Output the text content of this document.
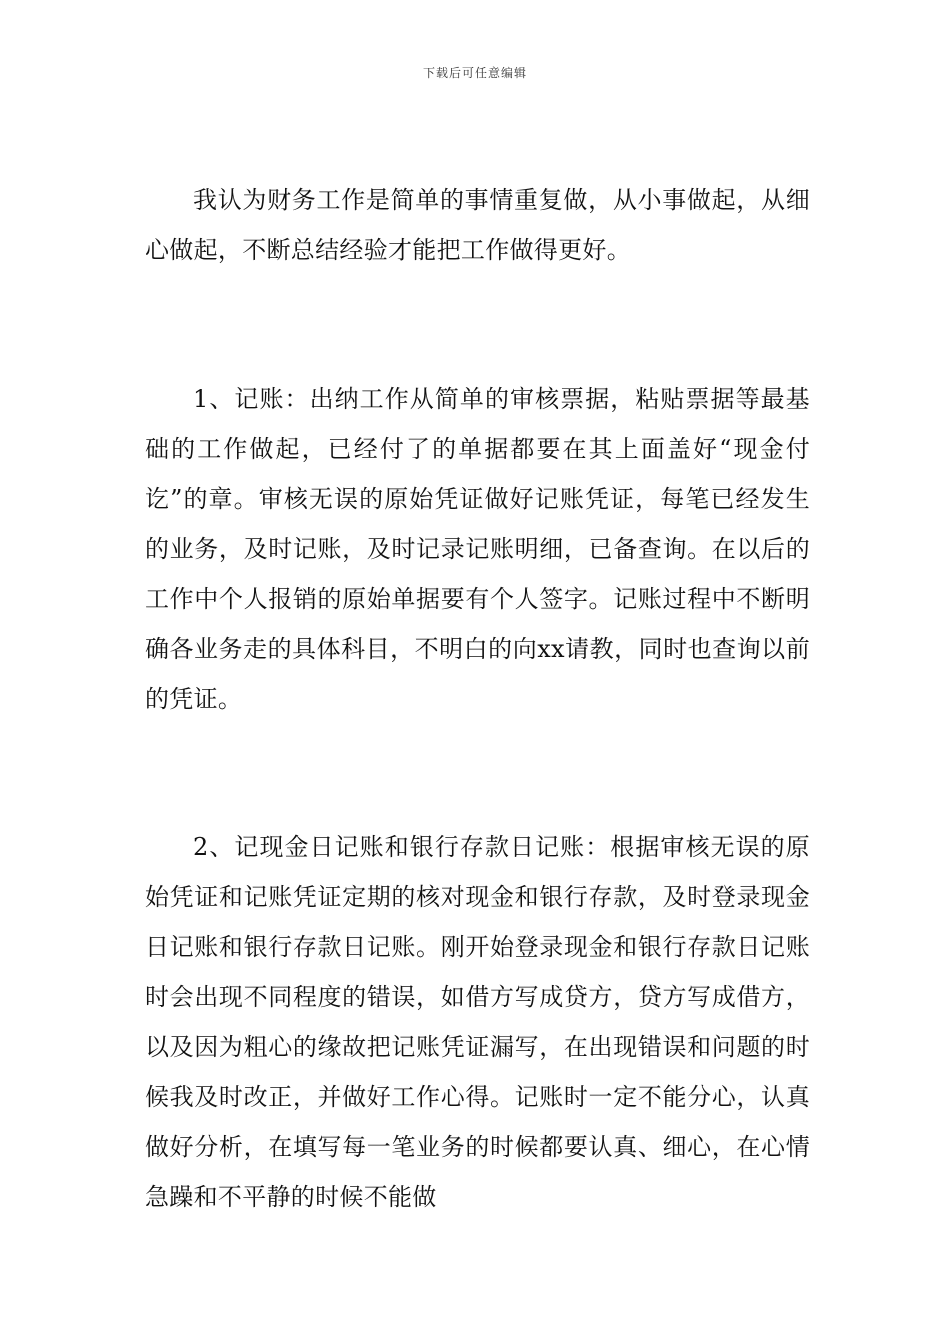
下载后可任意编辑

我认为财务工作是简单的事情重复做，从小事做起，从细心做起，不断总结经验才能把工作做得更好。

1、记账：出纳工作从简单的审核票据，粘贴票据等最基础的工作做起，已经付了的单据都要在其上面盖好“现金付讫”的章。审核无误的原始凭证做好记账凭证，每笔已经发生的业务，及时记账，及时记录记账明细，已备查询。在以后的工作中个人报销的原始单据要有个人签字。记账过程中不断明确各业务走的具体科目，不明白的向xx请教，同时也查询以前的凭证。

2、记现金日记账和银行存款日记账：根据审核无误的原始凭证和记账凭证定期的核对现金和银行存款，及时登录现金日记账和银行存款日记账。刚开始登录现金和银行存款日记账时会出现不同程度的错误，如借方写成贷方，贷方写成借方，以及因为粗心的缘故把记账凭证漏写，在出现错误和问题的时候我及时改正，并做好工作心得。记账时一定不能分心，认真做好分析，在填写每一笔业务的时候都要认真、细心，在心情急躁和不平静的时候不能做
